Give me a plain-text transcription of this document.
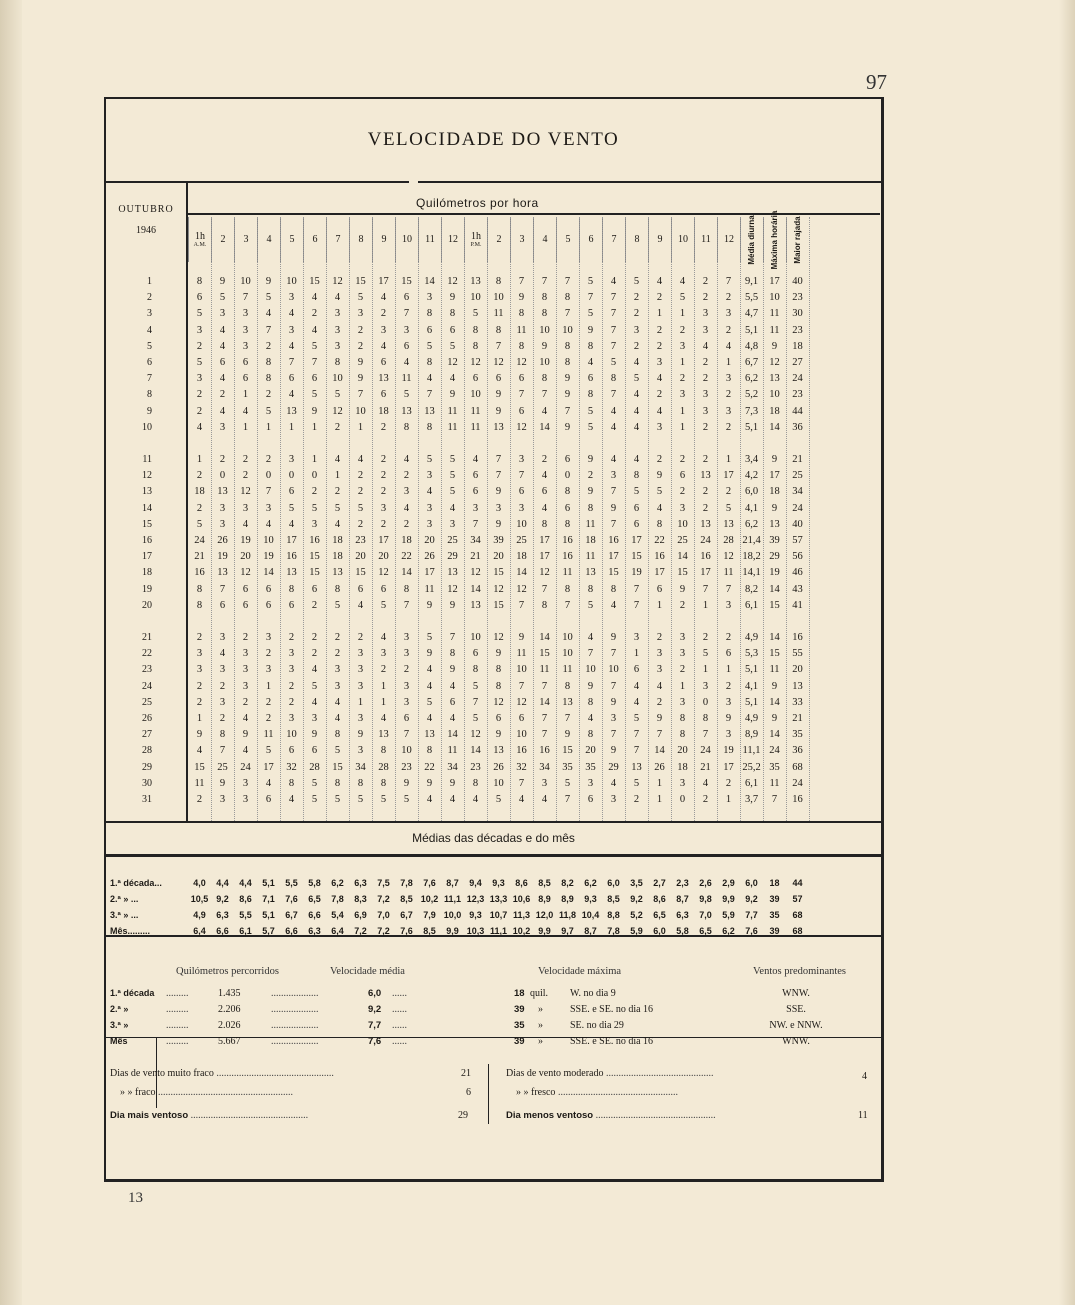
97
13
VELOCIDADE DO VENTO
OUTUBRO
1946
Quilómetros por hora
1h
A.M. 2 3 4 5 6 7 8 9 10 11 12 1h
P.M. 2 3 4 5 6 7 8 9 10 11 12 Média diurna Máxima horária Maior rajada
1	8	9	10	9	10	15	12	15	17	15	14	12	13	8	7	7	7	5	4	5	4	4	2	7	9,1	17	40
2	6	5	7	5	3	4	4	5	4	6	3	9	10	10	9	8	8	7	7	2	2	5	2	2	5,5	10	23
3	5	3	3	4	4	2	3	3	2	7	8	8	5	11	8	8	7	5	7	2	1	1	3	3	4,7	11	30
4	3	4	3	7	3	4	3	2	3	3	6	6	8	8	11	10	10	9	7	3	2	2	3	2	5,1	11	23
5	2	4	3	2	4	5	3	2	4	6	5	5	8	7	8	9	8	8	7	2	2	3	4	4	4,8	9	18
6	5	6	6	8	7	7	8	9	6	4	8	12	12	12	12	10	8	4	5	4	3	1	2	1	6,7	12	27
7	3	4	6	8	6	6	10	9	13	11	4	4	6	6	6	8	9	6	8	5	4	2	2	3	6,2	13	24
8	2	2	1	2	4	5	5	7	6	5	7	9	10	9	7	7	9	8	7	4	2	3	3	2	5,2	10	23
9	2	4	4	5	13	9	12	10	18	13	13	11	11	9	6	4	7	5	4	4	4	1	3	3	7,3	18	44
10	4	3	1	1	1	1	2	1	2	8	8	11	11	13	12	14	9	5	4	4	3	1	2	2	5,1	14	36
11	1	2	2	2	3	1	4	4	2	4	5	5	4	7	3	2	6	9	4	4	2	2	2	1	3,4	9	21
12	2	0	2	0	0	0	1	2	2	2	3	5	6	7	7	4	0	2	3	8	9	6	13	17	4,2	17	25
13	18	13	12	7	6	2	2	2	2	3	4	5	6	9	6	6	8	9	7	5	5	2	2	2	6,0	18	34
14	2	3	3	3	5	5	5	5	3	4	3	4	3	3	3	4	6	8	9	6	4	3	2	5	4,1	9	24
15	5	3	4	4	4	3	4	2	2	2	3	3	7	9	10	8	8	11	7	6	8	10	13	13	6,2	13	40
16	24	26	19	10	17	16	18	23	17	18	20	25	34	39	25	17	16	18	16	17	22	25	24	28 21,4 39	57
17	21	19	20	19	16	15	18	20	20	22	26	29	21	20	18	17	16	11	17	15	16	14	16	12 18,2 29	56
18	16	13	12	14	13	15	13	15	12	14	17	13	12	15	14	12	11	13	15	19	17	15	17	11 14,1 19	46
19	8	7	6	6	8	6	8	6	6	8	11	12	14	12	12	7	8	8	8	7	6	9	7	7	8,2	14	43
20	8	6	6	6	6	2	5	4	5	7	9	9	13	15	7	8	7	5	4	7	1	2	1	3	6,1	15	41
21	2	3	2	3	2	2	2	2	4	3	5	7	10	12	9	14	10	4	9	3	2	3	2	2	4,9	14	16
22	3	4	3	2	3	2	2	3	3	3	9	8	6	9	11	15	10	7	7	1	3	3	5	6	5,3	15	55
23	3	3	3	3	3	4	3	3	2	2	4	9	8	8	10	11	11	10	10	6	3	2	1	1	5,1	11	20
24	2	2	3	1	2	5	3	3	1	3	4	4	5	8	7	7	8	9	7	4	4	1	3	2	4,1	9	13
25	2	3	2	2	2	4	4	1	1	3	5	6	7	12	12	14	13	8	9	4	2	3	0	3	5,1	14	33
26	1	2	4	2	3	3	4	3	4	6	4	4	5	6	6	7	7	4	3	5	9	8	8	9	4,9	9	21
27	9	8	9	11	10	9	8	9	13	7	13	14	12	9	10	7	9	8	7	7	7	8	7	3	8,9	14	35
28	4	7	4	5	6	6	5	3	8	10	8	11	14	13	16	16	15	20	9	7	14	20	24	19 11,1 24	36
29	15	25	24	17	32	28	15	34	28	23	22	34	23	26	32	34	35	35	29	13	26	18	21	17 25,2 35	68
30	11	9	3	4	8	5	8	8	8	9	9	9	8	10	7	3	5	3	4	5	1	3	4	2	6,1	11	24
31	2	3	3	6	4	5	5	5	5	5	4	4	4	5	4	4	7	6	3	2	1	0	2	1	3,7	7	16
Médias das décadas e do mês
1.ª década...	4,0	4,4	4,4	5,1	5,5	5,8	6,2	6,3	7,5	7,8	7,6	8,7	9,4	9,3	8,6	8,5	8,2	6,2	6,0	3,5	2,7	2,3	2,6	2,9	6,0	18	44
2.ª » ...	10,5 9,2	8,6	7,1	7,6	6,5	7,8	8,3	7,2	8,5 10,2 11,1 12,3 13,3 10,6 8,9	8,9	9,3	8,5	9,2	8,6	8,7	9,8	9,9	9,2	39	57
3.ª » ...	4,9	6,3	5,5	5,1	6,7	6,6	5,4	6,9	7,0	6,7	7,9 10,0 9,3 10,7 11,3 12,0 11,8 10,4 8,8	5,2	6,5	6,3	7,0	5,9	7,7	35	68
Mês.........	6,4	6,6	6,1	5,7	6,6	6,3	6,4	7,2	7,2	7,6	8,5	9,9 10,3 11,1 10,2 9,9	9,7	8,7	7,8	5,9	6,0	5,8	6,5	6,2	7,6	39	68
Quilómetros percorridos	Velocidade média	Velocidade máxima	Ventos predominantes
1.ª década .........	1.435	...................	6,0 ......	18 quil. W. no dia 9	WNW.
2.ª »	.........	2.206	...................	9,2 ......	39 »	SSE. e SE. no dia 16	SSE.
3.ª »	.........	2.026	...................	7,7 ......	35 »	SE. no dia 29	NW. e NNW.
Mês	.........	5.667	...................	7,6 ......	39 »	SSE. e SE. no dia 16	WNW.
Dias de vento muito fraco ...............................................	21
» » fraco ......................................................	6
Dia mais ventoso ...............................................	29
Dias de vento moderado ...........................................	4
» » fresco ................................................
Dia menos ventoso ................................................	11
